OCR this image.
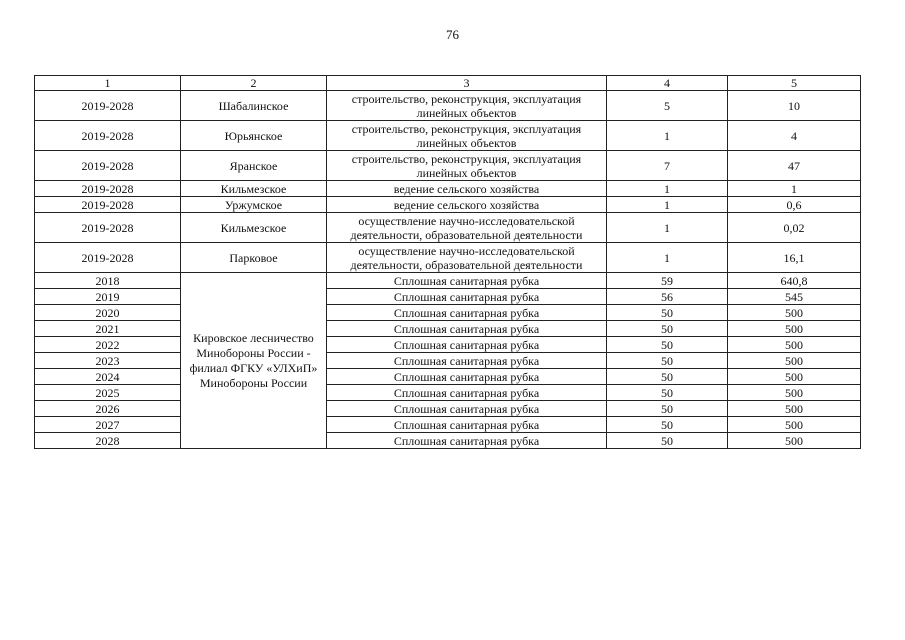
76
1	2	3	4	5
2019-2028	Шабалинское	строительство, реконструкция, эксплуатация линейных объектов	5	10
2019-2028	Юрьянское	строительство, реконструкция, эксплуатация линейных объектов	1	4
2019-2028	Яранское	строительство, реконструкция, эксплуатация линейных объектов	7	47
2019-2028	Кильмезское	ведение сельского хозяйства	1	1
2019-2028	Уржумское	ведение сельского хозяйства	1	0,6
2019-2028	Кильмезское	осуществление научно-исследовательской деятельности, образовательной деятельности	1	0,02
2019-2028	Парковое	осуществление научно-исследовательской деятельности, образовательной деятельности	1	16,1
2018	Кировское лесничество Минобороны России - филиал ФГКУ «УЛХиП» Минобороны России	Сплошная санитарная рубка	59	640,8
2019		Сплошная санитарная рубка	56	545
2020		Сплошная санитарная рубка	50	500
2021		Сплошная санитарная рубка	50	500
2022		Сплошная санитарная рубка	50	500
2023		Сплошная санитарная рубка	50	500
2024		Сплошная санитарная рубка	50	500
2025		Сплошная санитарная рубка	50	500
2026		Сплошная санитарная рубка	50	500
2027		Сплошная санитарная рубка	50	500
2028		Сплошная санитарная рубка	50	500
